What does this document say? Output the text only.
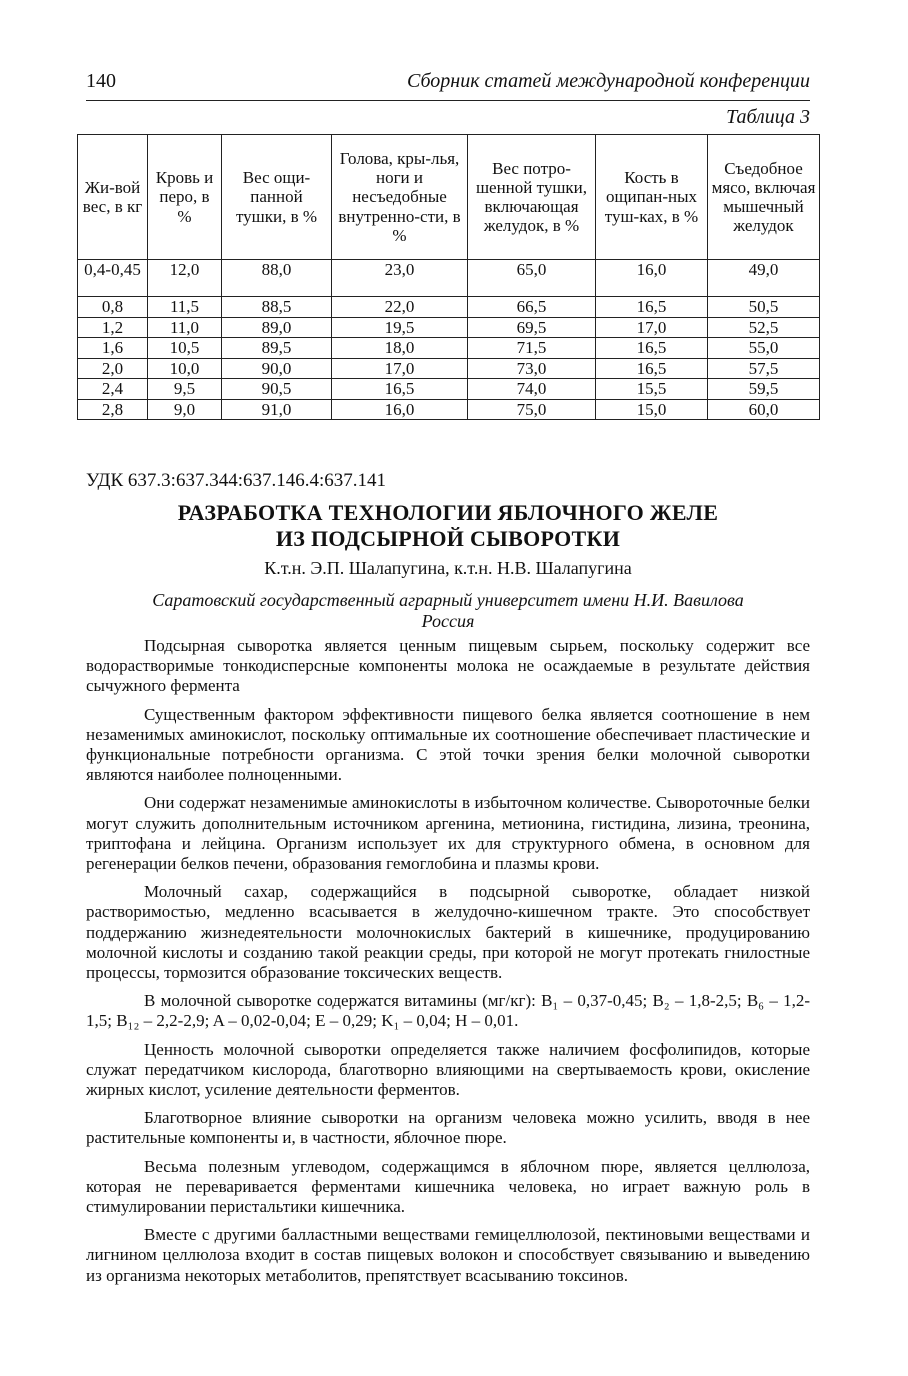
140	Сборник статей международной конференции
Таблица 3
Жи-вой вес, в кг	Кровь и перо, в %	Вес ощи-панной тушки, в %	Голова, кры-лья, ноги и несъедобные внутренно-сти, в %	Вес потро-шенной тушки, включающая желудок, в %	Кость в ощипан-ных туш-ках, в %	Съедобное мясо, включая мышечный желудок
0,4-0,45	12,0	88,0	23,0	65,0	16,0	49,0
0,8	11,5	88,5	22,0	66,5	16,5	50,5
1,2	11,0	89,0	19,5	69,5	17,0	52,5
1,6	10,5	89,5	18,0	71,5	16,5	55,0
2,0	10,0	90,0	17,0	73,0	16,5	57,5
2,4	9,5	90,5	16,5	74,0	15,5	59,5
2,8	9,0	91,0	16,0	75,0	15,0	60,0
УДК 637.3:637.344:637.146.4:637.141
РАЗРАБОТКА ТЕХНОЛОГИИ ЯБЛОЧНОГО ЖЕЛЕ
ИЗ ПОДСЫРНОЙ СЫВОРОТКИ
К.т.н. Э.П. Шалапугина, к.т.н. Н.В. Шалапугина
Саратовский государственный аграрный университет имени Н.И. Вавилова
Россия

Подсырная сыворотка является ценным пищевым сырьем, поскольку содержит все водорастворимые тонкодисперсные компоненты молока не осаждаемые в результате действия сычужного фермента

Существенным фактором эффективности пищевого белка является соотношение в нем незаменимых аминокислот, поскольку оптимальные их соотношение обеспечивает пластические и функциональные потребности организма. С этой точки зрения белки молочной сыворотки являются наиболее полноценными.

Они содержат незаменимые аминокислоты в избыточном количестве. Сывороточные белки могут служить дополнительным источником аргенина, метионина, гистидина, лизина, треонина, триптофана и лейцина. Организм использует их для структурного обмена, в основном для регенерации белков печени, образования гемоглобина и плазмы крови.

Молочный сахар, содержащийся в подсырной сыворотке, обладает низкой растворимостью, медленно всасывается в желудочно-кишечном тракте. Это способствует поддержанию жизнедеятельности молочнокислых бактерий в кишечнике, продуцированию молочной кислоты и созданию такой реакции среды, при которой не могут протекать гнилостные процессы, тормозится образование токсических веществ.

В молочной сыворотке содержатся витамины (мг/кг): B₁ – 0,37-0,45; B₂ – 1,8-2,5; B₆ – 1,2-1,5; B₁₂ – 2,2-2,9; A – 0,02-0,04; E – 0,29; K₁ – 0,04; H – 0,01.

Ценность молочной сыворотки определяется также наличием фосфолипидов, которые служат передатчиком кислорода, благотворно влияющими на свертываемость крови, окисление жирных кислот, усиление деятельности ферментов.

Благотворное влияние сыворотки на организм человека можно усилить, вводя в нее растительные компоненты и, в частности, яблочное пюре.

Весьма полезным углеводом, содержащимся в яблочном пюре, является целлюлоза, которая не переваривается ферментами кишечника человека, но играет важную роль в стимулировании перистальтики кишечника.

Вместе с другими балластными веществами гемицеллюлозой, пектиновыми веществами и лигнином целлюлоза входит в состав пищевых волокон и способствует связыванию и выведению из организма некоторых метаболитов, препятствует всасыванию токсинов.
